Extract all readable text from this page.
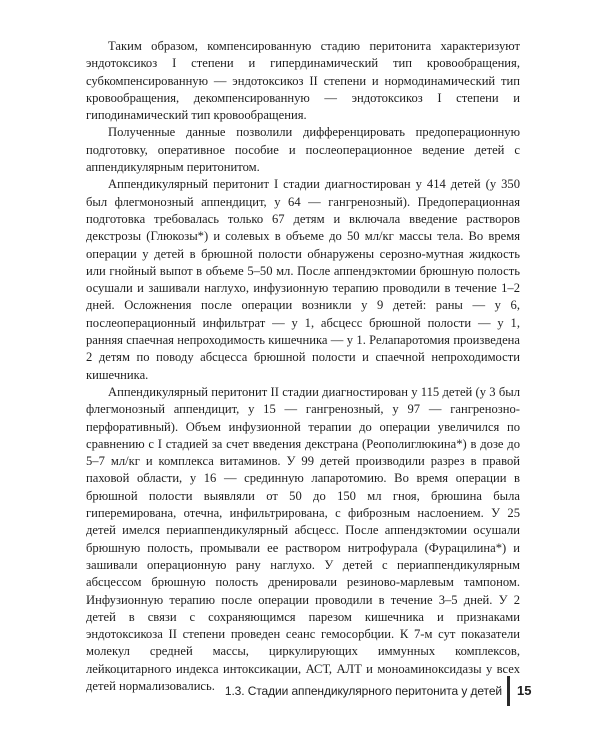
Таким образом, компенсированную стадию перитонита характеризуют эндотоксикоз I степени и гипердинамический тип кровообращения, субкомпенсированную — эндотоксикоз II степени и нормодинамический тип кровообращения, декомпенсированную — эндотоксикоз I степени и гиподинамический тип кровообращения.

Полученные данные позволили дифференцировать предоперационную подготовку, оперативное пособие и послеоперационное ведение детей с аппендикулярным перитонитом.

Аппендикулярный перитонит I стадии диагностирован у 414 детей (у 350 был флегмонозный аппендицит, у 64 — гангренозный). Предоперационная подготовка требовалась только 67 детям и включала введение растворов декстрозы (Глюкозы*) и солевых в объеме до 50 мл/кг массы тела. Во время операции у детей в брюшной полости обнаружены серозно-мутная жидкость или гнойный выпот в объеме 5–50 мл. После аппендэктомии брюшную полость осушали и зашивали наглухо, инфузионную терапию проводили в течение 1–2 дней. Осложнения после операции возникли у 9 детей: раны — у 6, послеоперационный инфильтрат — у 1, абсцесс брюшной полости — у 1, ранняя спаечная непроходимость кишечника — у 1. Релапаротомия произведена 2 детям по поводу абсцесса брюшной полости и спаечной непроходимости кишечника.

Аппендикулярный перитонит II стадии диагностирован у 115 детей (у 3 был флегмонозный аппендицит, у 15 — гангренозный, у 97 — гангренозно-перфоративный). Объем инфузионной терапии до операции увеличился по сравнению с I стадией за счет введения декстрана (Реополиглюкина*) в дозе до 5–7 мл/кг и комплекса витаминов. У 99 детей производили разрез в правой паховой области, у 16 — срединную лапаротомию. Во время операции в брюшной полости выявляли от 50 до 150 мл гноя, брюшина была гиперемирована, отечна, инфильтрирована, с фиброзным наслоением. У 25 детей имелся периаппендикулярный абсцесс. После аппендэктомии осушали брюшную полость, промывали ее раствором нитрофурала (Фурацилина*) и зашивали операционную рану наглухо. У детей с периаппендикулярным абсцессом брюшную полость дренировали резиново-марлевым тампоном. Инфузионную терапию после операции проводили в течение 3–5 дней. У 2 детей в связи с сохраняющимся парезом кишечника и признаками эндотоксикоза II степени проведен сеанс гемосорбции. К 7-м сут показатели молекул средней массы, циркулирующих иммунных комплексов, лейкоцитарного индекса интоксикации, АСТ, АЛТ и моноаминоксидазы у всех детей нормализовались. 1.3. Стадии аппендикулярного перитонита у детей 15
